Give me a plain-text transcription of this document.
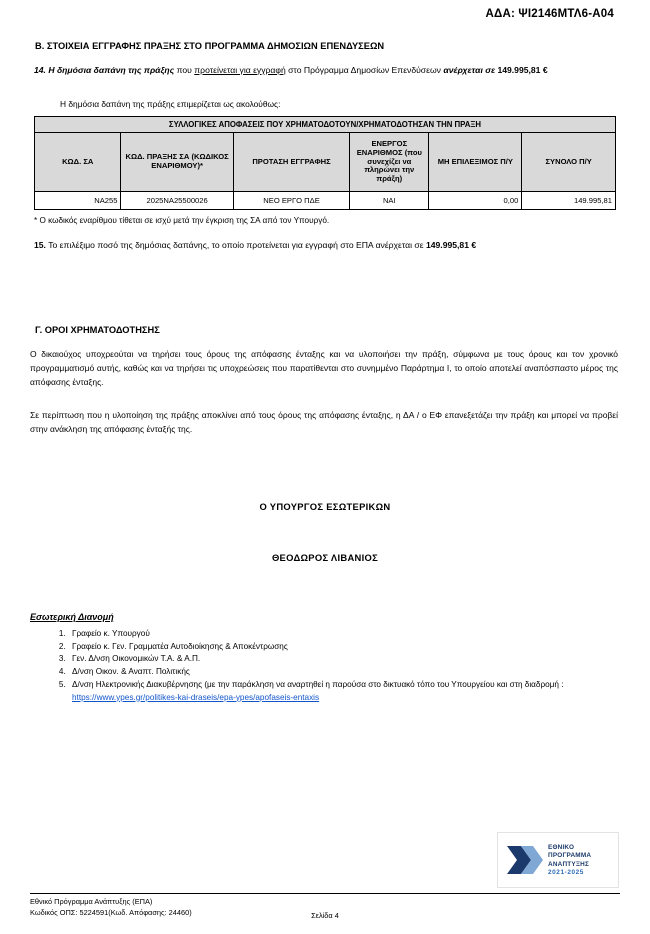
ΑΔΑ: ΨΙ2146ΜΤΛ6-Α04
Β. ΣΤΟΙΧΕΙΑ ΕΓΓΡΑΦΗΣ ΠΡΑΞΗΣ ΣΤΟ ΠΡΟΓΡΑΜΜΑ ΔΗΜΟΣΙΩΝ ΕΠΕΝΔΥΣΕΩΝ
14. Η δημόσια δαπάνη της πράξης που προτείνεται για εγγραφή στο Πρόγραμμα Δημοσίων Επενδύσεων ανέρχεται σε 149.995,81 €
Η δημόσια δαπάνη της πράξης επιμερίζεται ως ακολούθως:
ΣΥΛΛΟΓΙΚΕΣ ΑΠΟΦΑΣΕΙΣ ΠΟΥ ΧΡΗΜΑΤΟΔΟΤΟΥΝ/ΧΡΗΜΑΤΟΔΟΤΗΣΑΝ ΤΗΝ ΠΡΑΞΗ					
ΚΩΔ. ΣΑ	ΚΩΔ. ΠΡΑΞΗΣ ΣΑ (ΚΩΔΙΚΟΣ ΕΝΑΡΙΘΜΟΥ)*	ΠΡΟΤΑΣΗ ΕΓΓΡΑΦΗΣ	ΕΝΕΡΓΟΣ ΕΝΑΡΙΘΜΟΣ (που συνεχίζει να πληρώνει την πράξη)	ΜΗ ΕΠΙΛΕΞΙΜΟΣ Π/Υ	ΣΥΝΟΛΟ Π/Υ
ΝΑ255	2025ΝΑ25500026	ΝΕΟ ΕΡΓΟ ΠΔΕ	ΝΑΙ	0,00	149.995,81
* Ο κωδικός εναρίθμου τίθεται σε ισχύ μετά την έγκριση της ΣΑ από τον Υπουργό.
15. Το επιλέξιμο ποσό της δημόσιας δαπάνης, το οποίο προτείνεται για εγγραφή στο ΕΠΑ ανέρχεται σε 149.995,81 €
Γ. ΟΡΟΙ ΧΡΗΜΑΤΟΔΟΤΗΣΗΣ
Ο δικαιούχος υποχρεούται να τηρήσει τους όρους της απόφασης ένταξης και να υλοποιήσει την πράξη, σύμφωνα με τους όρους και τον χρονικό προγραμματισμό αυτής, καθώς και να τηρήσει τις υποχρεώσεις που παρατίθενται στο συνημμένο Παράρτημα Ι, το οποίο αποτελεί αναπόσπαστο μέρος της απόφασης ένταξης.
Σε περίπτωση που η υλοποίηση της πράξης αποκλίνει από τους όρους της απόφασης ένταξης, η ΔΑ / ο ΕΦ επανεξετάζει την πράξη και μπορεί να προβεί στην ανάκληση της απόφασης ένταξής της.
Ο ΥΠΟΥΡΓΟΣ ΕΣΩΤΕΡΙΚΩΝ
ΘΕΟΔΩΡΟΣ ΛΙΒΑΝΙΟΣ
Εσωτερική Διανομή
1. Γραφείο κ. Υπουργού
2. Γραφείο κ. Γεν. Γραμματέα Αυτοδιοίκησης & Αποκέντρωσης
3. Γεν. Δ/νση Οικονομικών Τ.Α. & Α.Π.
4. Δ/νση Οικον. & Αναπτ. Πολιτικής
5. Δ/νση Ηλεκτρονικής Διακυβέρνησης (με την παράκληση να αναρτηθεί η παρούσα στο δικτυακό τόπο του Υπουργείου και στη διαδρομή :
https://www.ypes.gr/politikes-kai-draseis/epa-ypes/apofaseis-entaxis
ΕΘΝΙΚΟ
ΠΡΟΓΡΑΜΜΑ
ΑΝΑΠΤΥΞΗΣ
2021-2025
Εθνικό Πρόγραμμα Ανάπτυξης (ΕΠΑ)
Κωδικός ΟΠΣ: 5224591(Κωδ. Απόφασης: 24460)	Σελίδα 4
